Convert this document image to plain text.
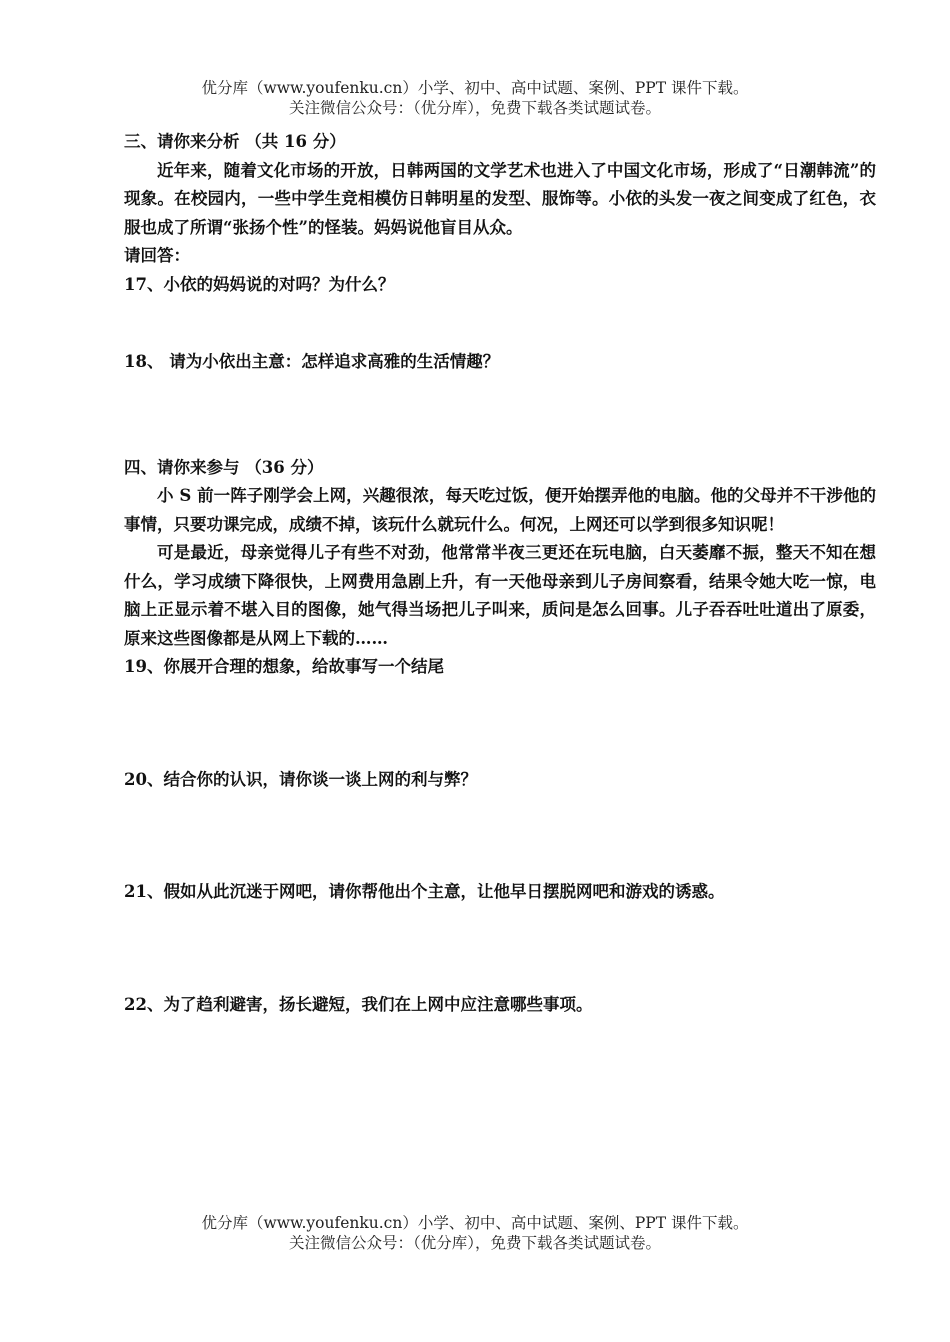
优分库（www.youfenku.cn）小学、初中、高中试题、案例、PPT 课件下载。
关注微信公众号：（优分库），免费下载各类试题试卷。

三、请你来分析 （共 16 分）

近年来，随着文化市场的开放，日韩两国的文学艺术也进入了中国文化市场，形成了“日潮韩流”的现象。在校园内，一些中学生竞相模仿日韩明星的发型、服饰等。小依的头发一夜之间变成了红色，衣服也成了所谓“张扬个性”的怪装。妈妈说他盲目从众。

请回答：

17、小依的妈妈说的对吗？为什么？

18、 请为小依出主意：怎样追求高雅的生活情趣？

四、请你来参与 （36 分）

小 S 前一阵子刚学会上网，兴趣很浓，每天吃过饭，便开始摆弄他的电脑。他的父母并不干涉他的事情，只要功课完成，成绩不掉，该玩什么就玩什么。何况，上网还可以学到很多知识呢！

可是最近，母亲觉得儿子有些不对劲，他常常半夜三更还在玩电脑，白天萎靡不振，整天不知在想什么，学习成绩下降很快，上网费用急剧上升，有一天他母亲到儿子房间察看，结果令她大吃一惊，电脑上正显示着不堪入目的图像，她气得当场把儿子叫来，质问是怎么回事。儿子吞吞吐吐道出了原委，原来这些图像都是从网上下载的……

19、你展开合理的想象，给故事写一个结尾

20、结合你的认识，请你谈一谈上网的利与弊？

21、假如从此沉迷于网吧，请你帮他出个主意，让他早日摆脱网吧和游戏的诱惑。

22、为了趋利避害，扬长避短，我们在上网中应注意哪些事项。

优分库（www.youfenku.cn）小学、初中、高中试题、案例、PPT 课件下载。
关注微信公众号：（优分库），免费下载各类试题试卷。
